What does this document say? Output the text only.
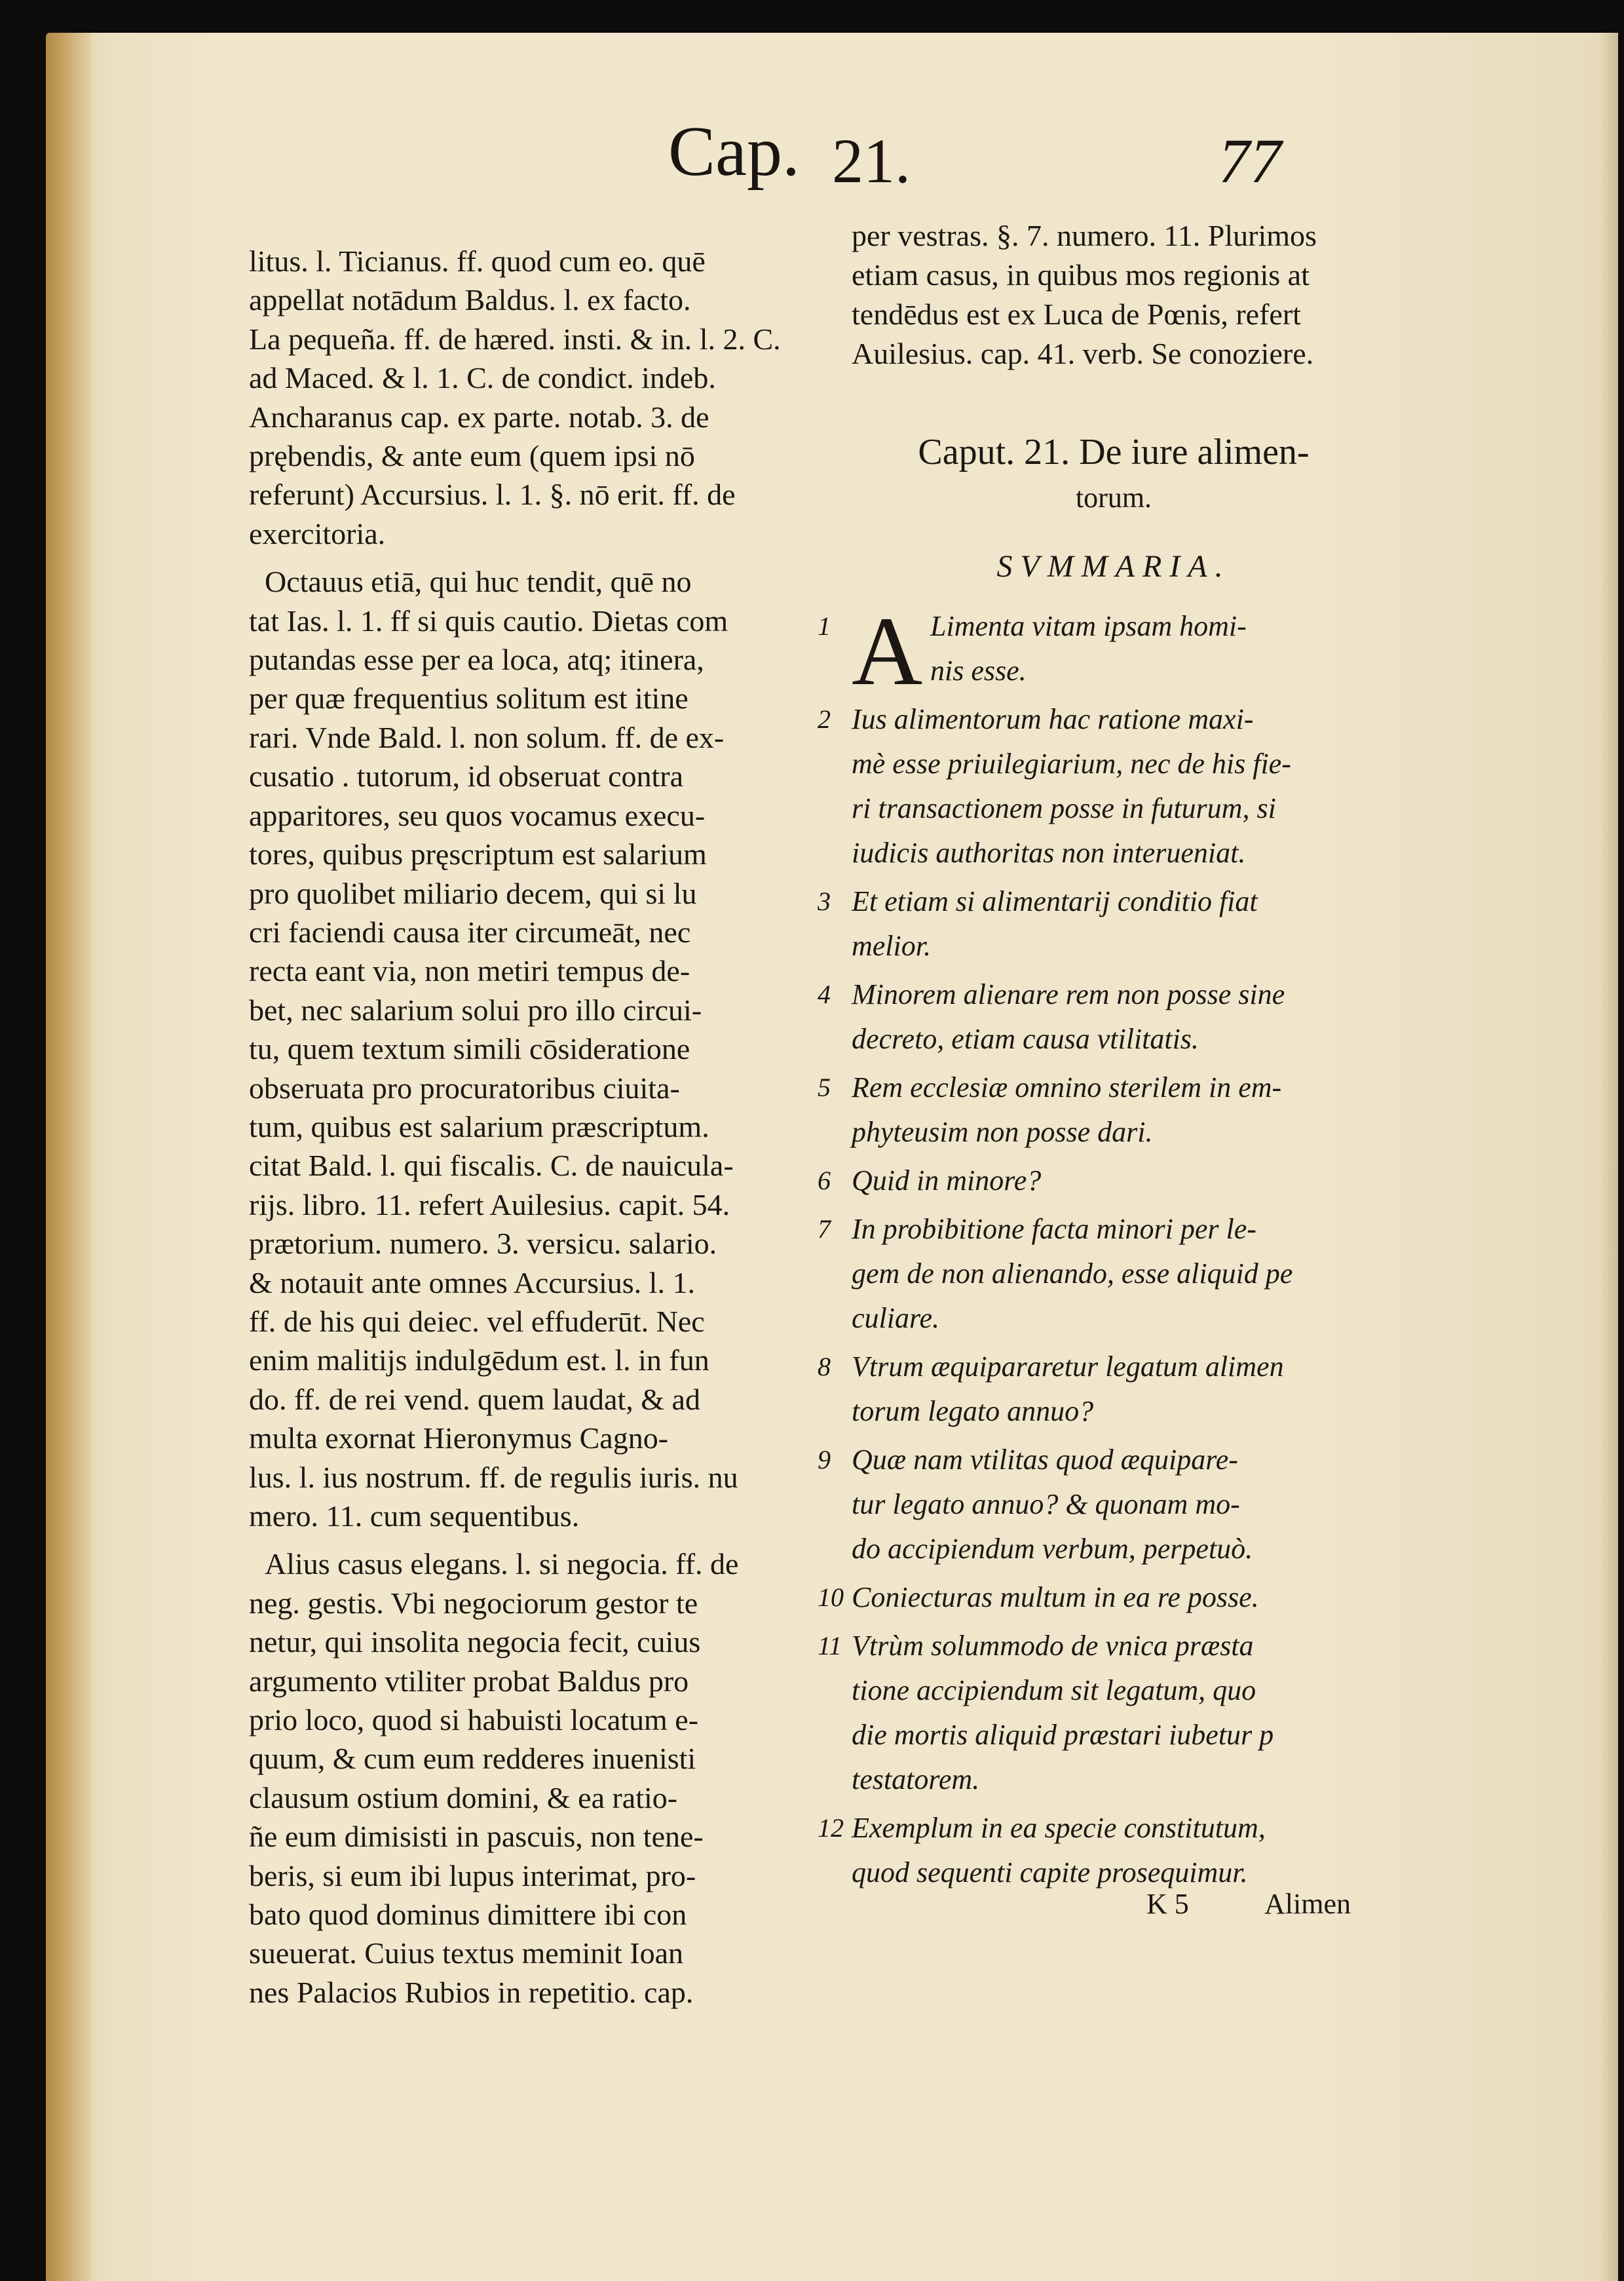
Cap. 21.	77
litus. l. Ticianus. ff. quod cum eo. quē
appellat notādum Baldus. l. ex facto.
La pequeña. ff. de hæred. insti. & in. l. 2. C.
ad Maced. & l. 1. C. de condict. indeb.
Ancharanus cap. ex parte. notab. 3. de
prębendis, & ante eum (quem ipsi nō
referunt) Accursius. l. 1. §. nō erit. ff. de
exercitoria.
Octauus etiā, qui huc tendit, quē no
tat Ias. l. 1. ff si quis cautio. Dietas com
putandas esse per ea loca, atq; itinera,
per quæ frequentius solitum est itine
rari. Vnde Bald. l. non solum. ff. de ex-
cusatio . tutorum, id obseruat contra
apparitores, seu quos vocamus execu-
tores, quibus pręscriptum est salarium
pro quolibet miliario decem, qui si lu
cri faciendi causa iter circumeāt, nec
recta eant via, non metiri tempus de-
bet, nec salarium solui pro illo circui-
tu, quem textum simili cōsideratione
obseruata pro procuratoribus ciuita-
tum, quibus est salarium præscriptum.
citat Bald. l. qui fiscalis. C. de nauicula-
rijs. libro. 11. refert Auilesius. capit. 54.
prætorium. numero. 3. versicu. salario.
& notauit ante omnes Accursius. l. 1.
ff. de his qui deiec. vel effuderūt. Nec
enim malitijs indulgēdum est. l. in fun
do. ff. de rei vend. quem laudat, & ad
multa exornat Hieronymus Cagno-
lus. l. ius nostrum. ff. de regulis iuris. nu
mero. 11. cum sequentibus.
Alius casus elegans. l. si negocia. ff. de
neg. gestis. Vbi negociorum gestor te
netur, qui insolita negocia fecit, cuius
argumento vtiliter probat Baldus pro
prio loco, quod si habuisti locatum e-
quum, & cum eum redderes inuenisti
clausum ostium domini, & ea ratio-
ñe eum dimisisti in pascuis, non tene-
beris, si eum ibi lupus interimat, pro-
bato quod dominus dimittere ibi con
sueuerat. Cuius textus meminit Ioan
nes Palacios Rubios in repetitio. cap.
per vestras. §. 7. numero. 11. Plurimos
etiam casus, in quibus mos regionis at
tendēdus est ex Luca de Pœnis, refert
Auilesius. cap. 41. verb. Se conoziere.
Caput. 21. De iure alimen-
torum.
SVMMARIA.
1 A Limenta vitam ipsam homi-
nis esse.
2 Ius alimentorum hac ratione maxi-
mè esse priuilegiarium, nec de his fie-
ri transactionem posse in futurum, si
iudicis authoritas non interueniat.
3 Et etiam si alimentarij conditio fiat
melior.
4 Minorem alienare rem non posse sine
decreto, etiam causa vtilitatis.
5 Rem ecclesiæ omnino sterilem in em-
phyteusim non posse dari.
6 Quid in minore?
7 In probibitione facta minori per le-
gem de non alienando, esse aliquid pe
culiare.
8 Vtrum æquipararetur legatum alimen
torum legato annuo?
9 Quæ nam vtilitas quod æquipare-
tur legato annuo? & quonam mo-
do accipiendum verbum, perpetuò.
10 Coniecturas multum in ea re posse.
11 Vtrùm solummodo de vnica præsta
tione accipiendum sit legatum, quo
die mortis aliquid præstari iubetur p
testatorem.
12 Exemplum in ea specie constitutum,
quod sequenti capite prosequimur.
K 5	Alimen
